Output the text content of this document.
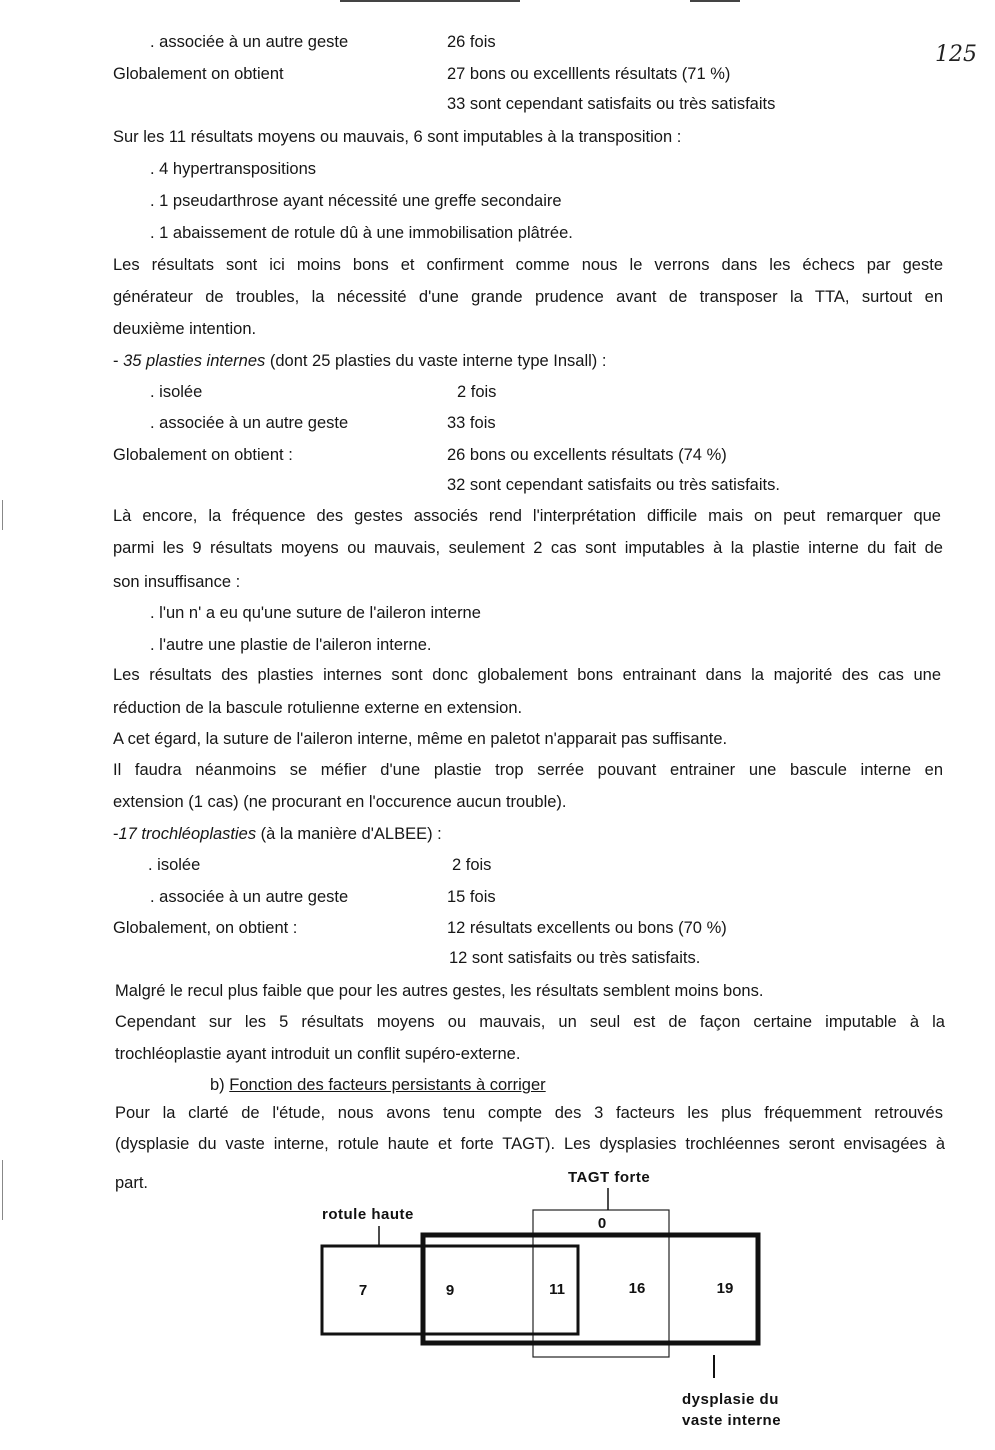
125
. associée à un autre geste	26 fois
Globalement on obtient	27 bons ou excelllents résultats (71 %)
33 sont cependant satisfaits ou très satisfaits
Sur les 11 résultats moyens ou mauvais, 6 sont imputables à la transposition :
. 4 hypertranspositions
. 1 pseudarthrose ayant nécessité une greffe secondaire
. 1 abaissement de rotule dû à une immobilisation plâtrée.
Les résultats sont ici moins bons et confirment comme nous le verrons dans les échecs par geste
générateur de troubles, la nécessité d'une grande prudence avant de transposer la TTA, surtout en
deuxième intention.
- 35 plasties internes (dont 25 plasties du vaste interne type Insall) :
. isolée	2 fois
. associée à un autre geste	33 fois
Globalement on obtient :	26 bons ou excellents résultats (74 %)
32 sont cependant satisfaits ou très satisfaits.
Là encore, la fréquence des gestes associés rend l'interprétation difficile mais on peut remarquer que
parmi les 9 résultats moyens ou mauvais, seulement 2 cas sont imputables à la plastie interne du fait de
son insuffisance :
. l'un n' a eu qu'une suture de l'aileron interne
. l'autre une plastie de l'aileron interne.
Les résultats des plasties internes sont donc globalement bons entrainant dans la majorité des cas une
réduction de la bascule rotulienne externe en extension.
A cet égard, la suture de l'aileron interne, même en paletot n'apparait pas suffisante.
Il faudra néanmoins se méfier d'une plastie trop serrée pouvant entrainer une bascule interne en
extension (1 cas) (ne procurant en l'occurence aucun trouble).
-17 trochléoplasties (à la manière d'ALBEE) :
. isolée	2 fois
. associée à un autre geste	15 fois
Globalement, on obtient :	12 résultats excellents ou bons (70 %)
12 sont satisfaits ou très satisfaits.
Malgré le recul plus faible que pour les autres gestes, les résultats semblent moins bons.
Cependant sur les 5 résultats moyens ou mauvais, un seul est de façon certaine imputable à la
trochléoplastie ayant introduit un conflit supéro-externe.
b) Fonction des facteurs persistants à corriger
Pour la clarté de l'étude, nous avons tenu compte des 3 facteurs les plus fréquemment retrouvés
(dysplasie du vaste interne, rotule haute et forte TAGT). Les dysplasies trochléennes seront envisagées à
part.	TAGT forte
rotule haute
dysplasie du
vaste interne
0
7	9	11	16	19
